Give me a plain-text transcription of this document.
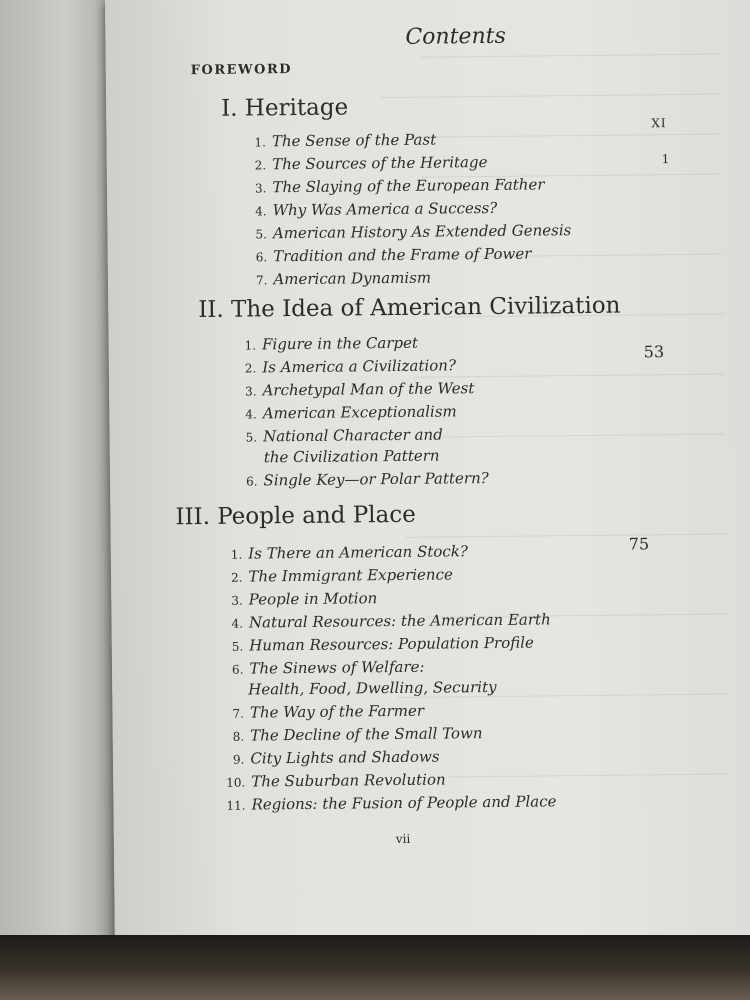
Contents
FOREWORD
XI
I. Heritage
1
1. The Sense of the Past
2. The Sources of the Heritage
3. The Slaying of the European Father
4. Why Was America a Success?
5. American History As Extended Genesis
6. Tradition and the Frame of Power
7. American Dynamism
II. The Idea of American Civilization
53
1. Figure in the Carpet
2. Is America a Civilization?
3. Archetypal Man of the West
4. American Exceptionalism
5. National Character and
the Civilization Pattern
6. Single Key—or Polar Pattern?
III. People and Place
75
1. Is There an American Stock?
2. The Immigrant Experience
3. People in Motion
4. Natural Resources: the American Earth
5. Human Resources: Population Profile
6. The Sinews of Welfare:
Health, Food, Dwelling, Security
7. The Way of the Farmer
8. The Decline of the Small Town
9. City Lights and Shadows
10. The Suburban Revolution
11. Regions: the Fusion of People and Place
vii
